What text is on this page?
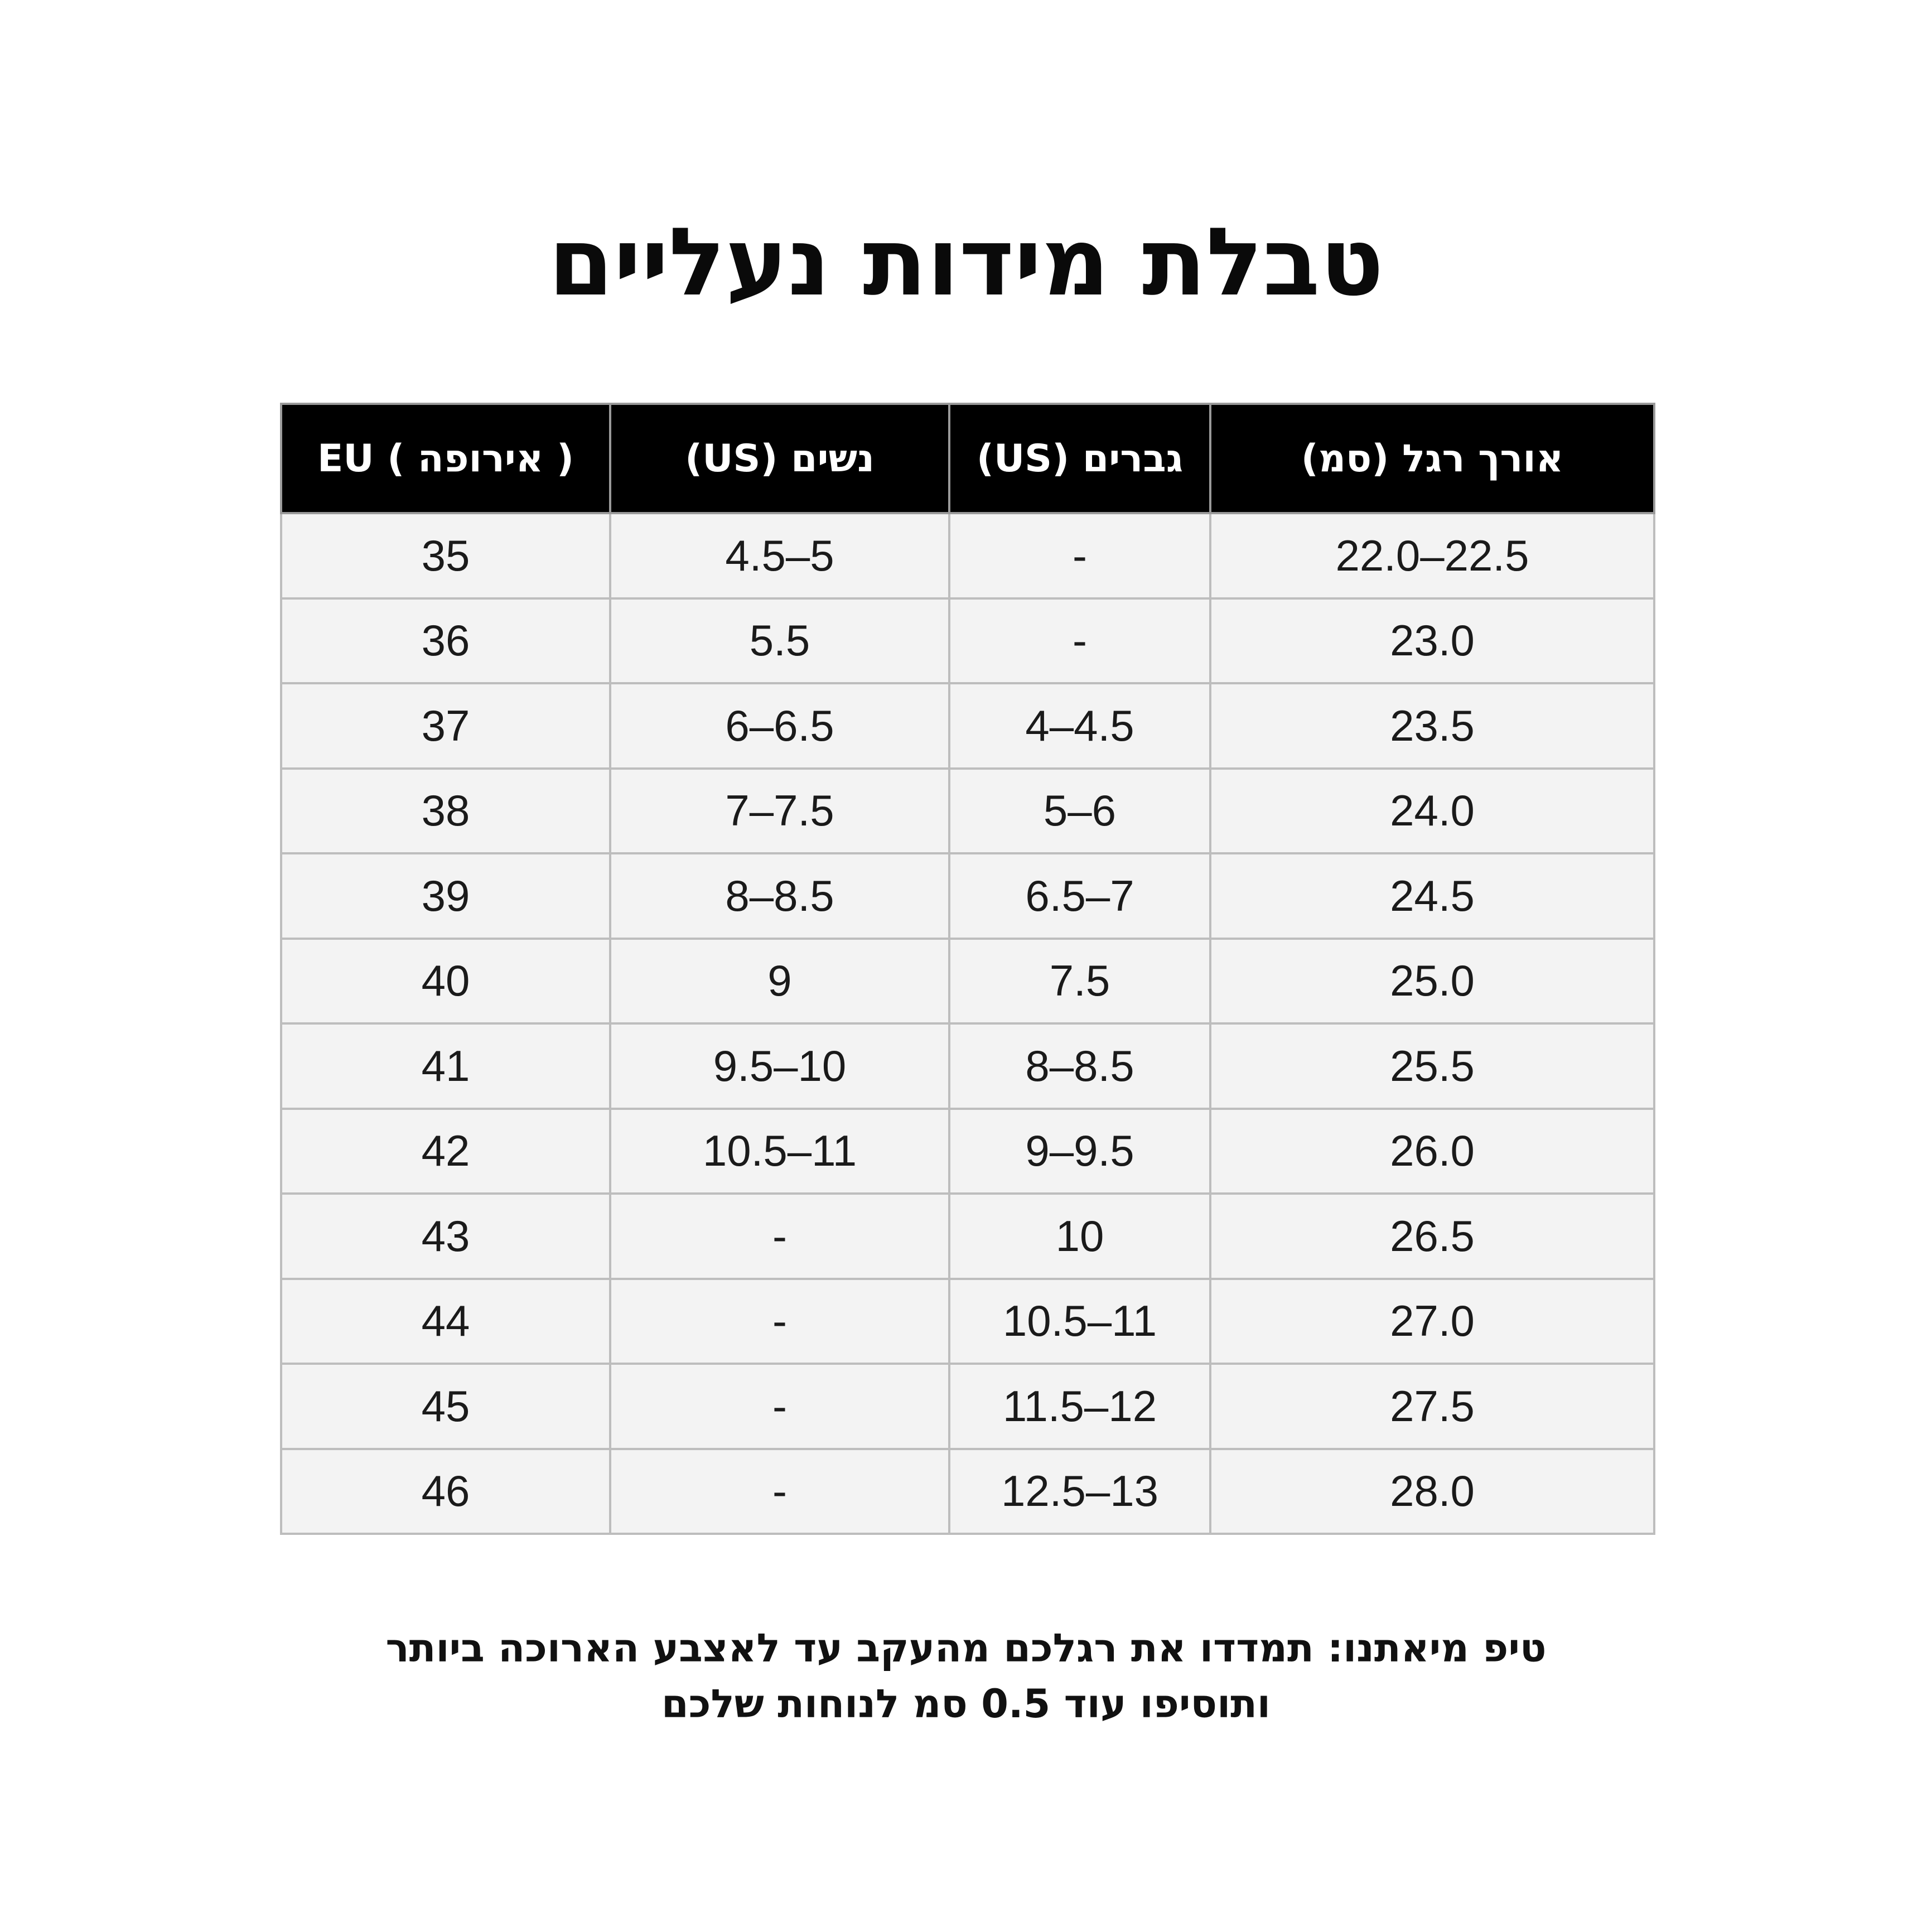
טבלת מידות נעליים
EU ( אירופה )	נשים (US)	גברים (US)	אורך רגל (סמ)
35	4.5–5	-	22.0–22.5
36	5.5	-	23.0
37	6–6.5	4–4.5	23.5
38	7–7.5	5–6	24.0
39	8–8.5	6.5–7	24.5
40	9	7.5	25.0
41	9.5–10	8–8.5	25.5
42	10.5–11	9–9.5	26.0
43	-	10	26.5
44	-	10.5–11	27.0
45	-	11.5–12	27.5
46	-	12.5–13	28.0
טיפ מיאתנו: תמדדו את רגלכם מהעקב עד לאצבע הארוכה ביותר
ותוסיפו עוד 0.5 סמ לנוחות שלכם
